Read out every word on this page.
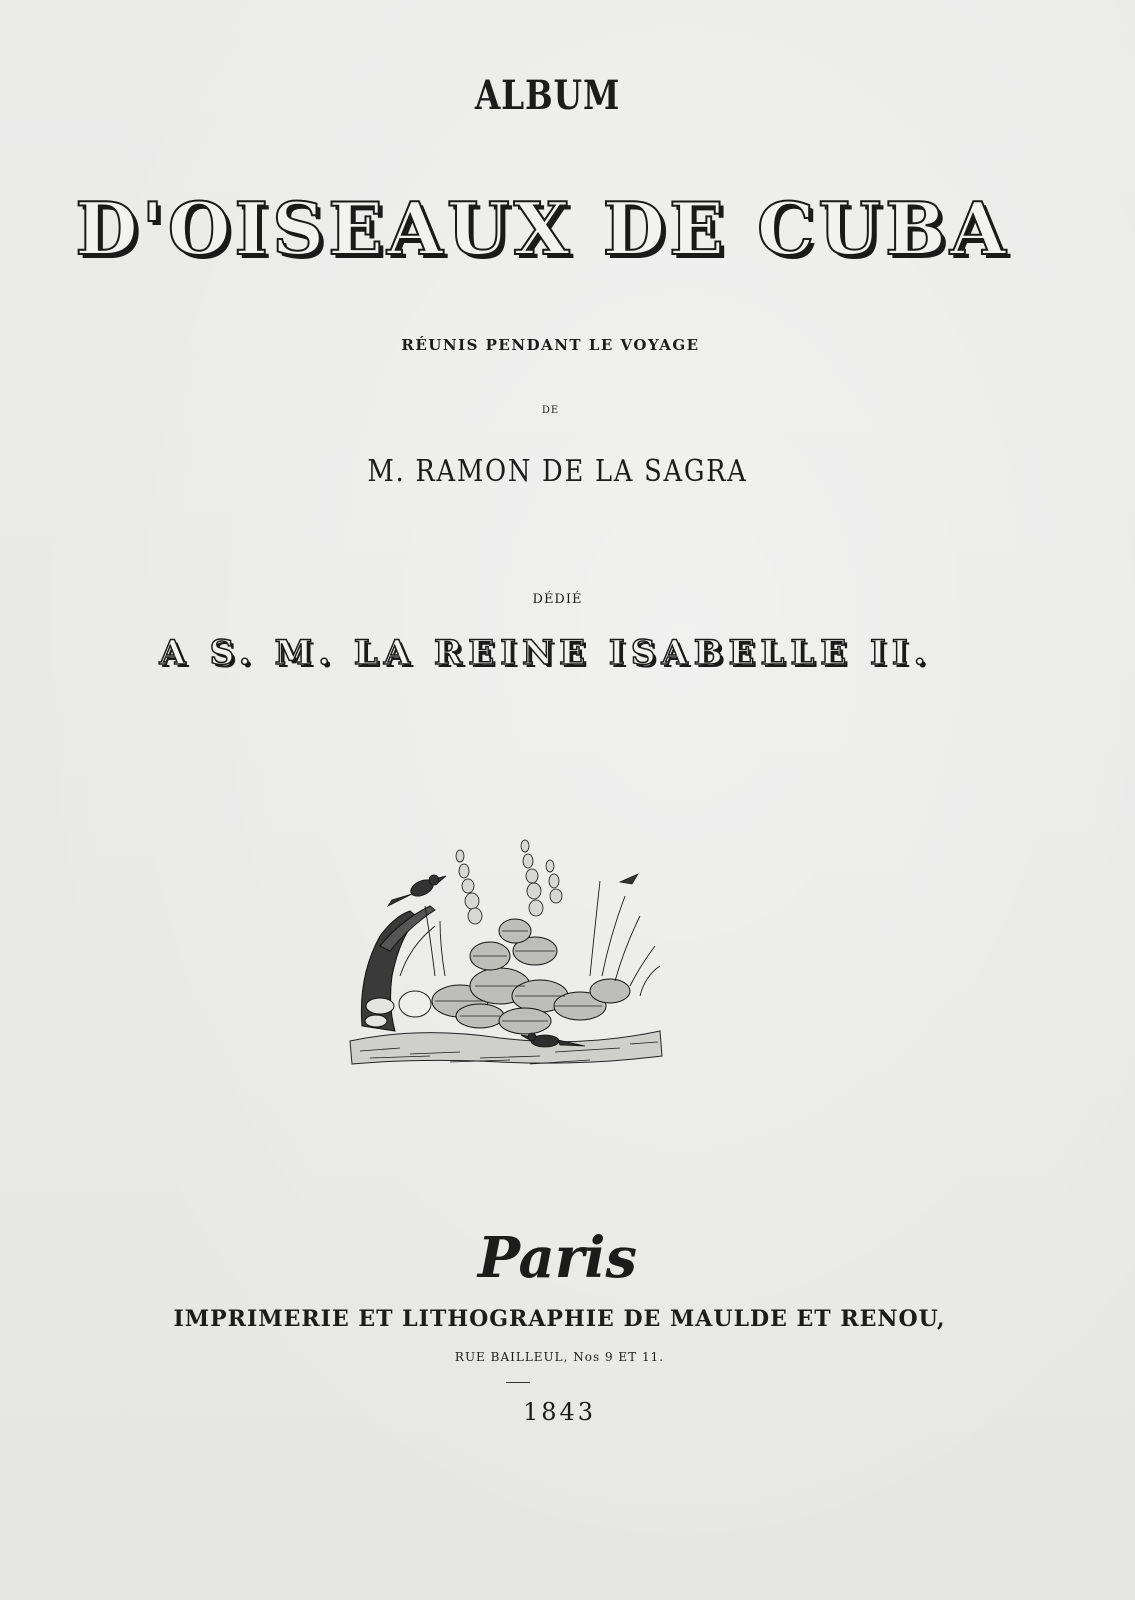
ALBUM
D'OISEAUX DE CUBA
RÉUNIS PENDANT LE VOYAGE
DE
M. RAMON DE LA SAGRA
DÉDIÉ
A S. M. LA REINE ISABELLE II.
Paris
IMPRIMERIE ET LITHOGRAPHIE DE MAULDE ET RENOU,
RUE BAILLEUL, Nos 9 ET 11.
1843
